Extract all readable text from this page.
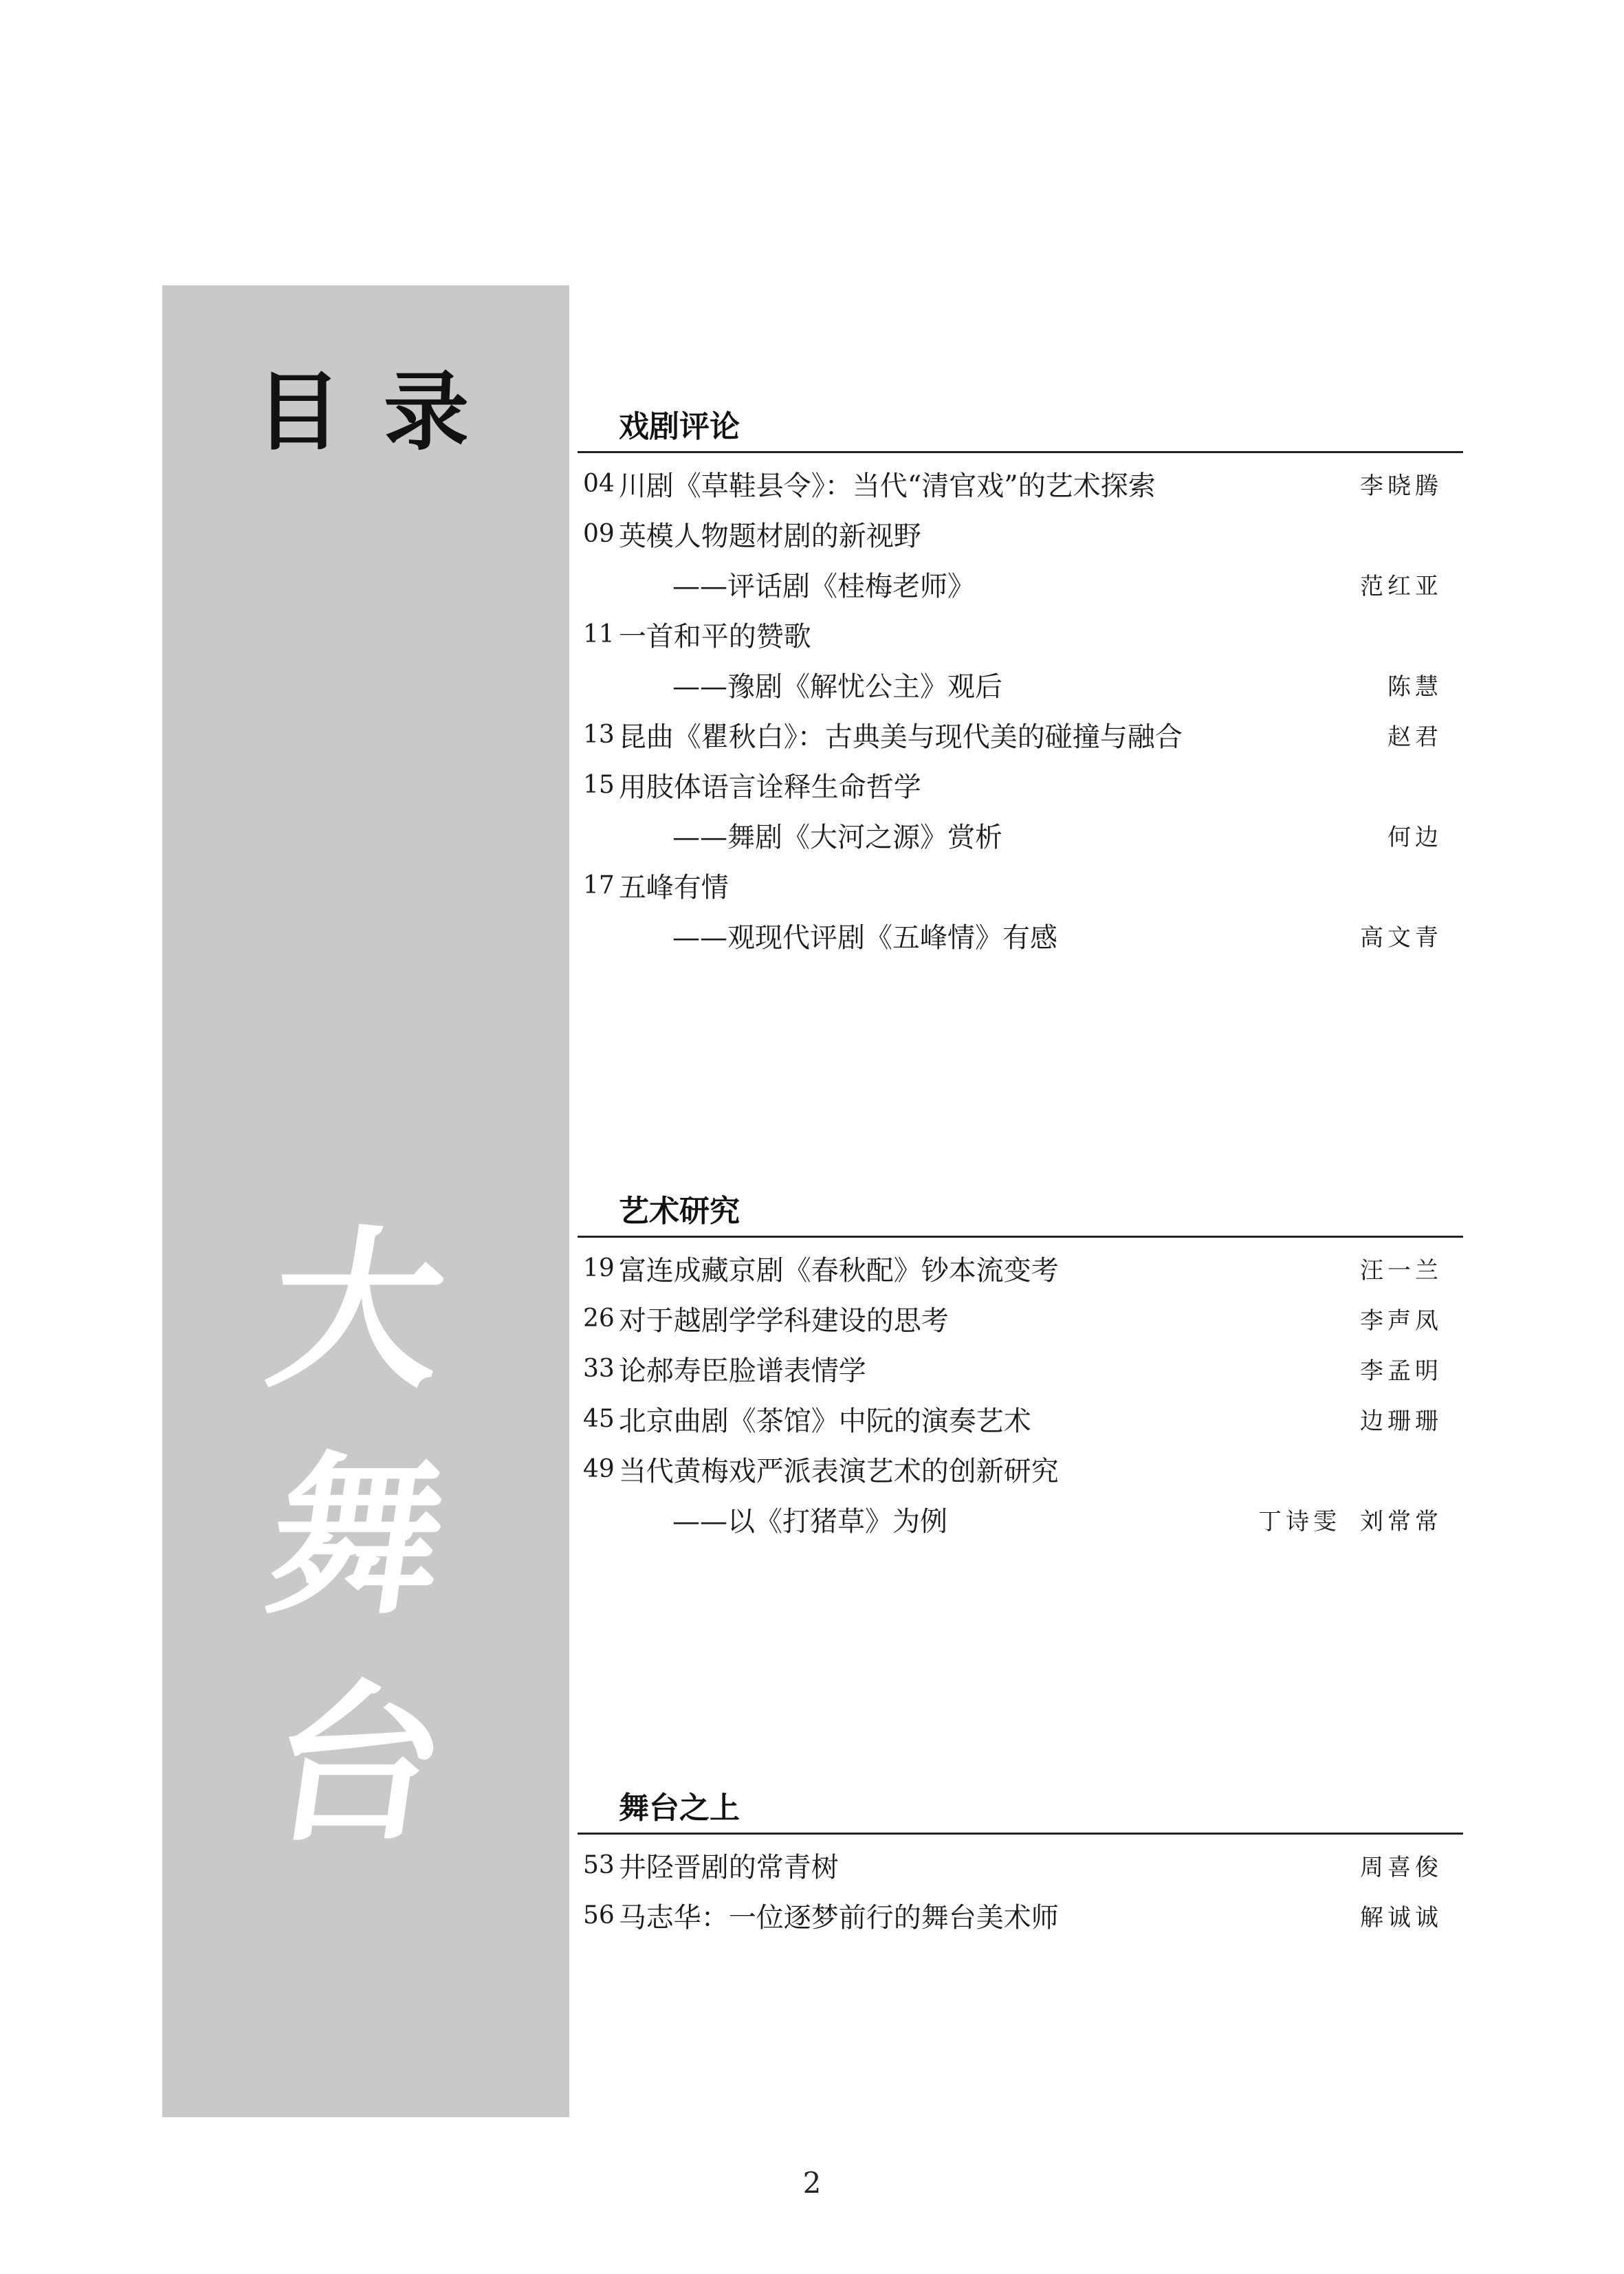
目录
大
舞
台
戏剧评论
04 川剧《草鞋县令》：当代“清官戏”的艺术探索	李晓腾
09 英模人物题材剧的新视野
——评话剧《桂梅老师》	范红亚
11 一首和平的赞歌
——豫剧《解忧公主》观后	陈慧
13 昆曲《瞿秋白》：古典美与现代美的碰撞与融合	赵君
15 用肢体语言诠释生命哲学
——舞剧《大河之源》赏析	何边
17 五峰有情
——观现代评剧《五峰情》有感	高文青
艺术研究
19 富连成藏京剧《春秋配》钞本流变考	汪一兰
26 对于越剧学学科建设的思考	李声凤
33 论郝寿臣脸谱表情学	李孟明
45 北京曲剧《茶馆》中阮的演奏艺术	边珊珊
49 当代黄梅戏严派表演艺术的创新研究
——以《打猪草》为例	丁诗雯 刘常常
舞台之上
53 井陉晋剧的常青树	周喜俊
56 马志华：一位逐梦前行的舞台美术师	解诚诚
2
